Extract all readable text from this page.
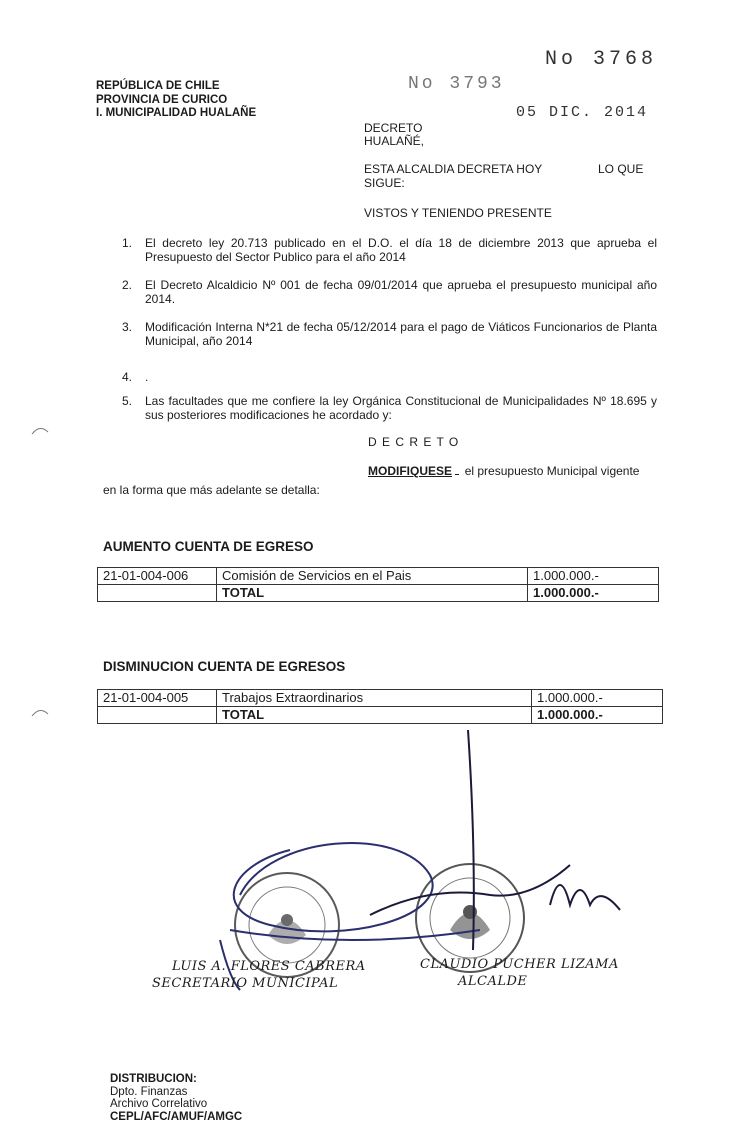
REPÚBLICA DE CHILE
PROVINCIA DE CURICO
I. MUNICIPALIDAD HUALAÑE
No 3768
No 3793
05 DIC. 2014
DECRETO
HUALAÑÉ,
ESTA ALCALDIA DECRETA HOY	LO QUE
SIGUE:
VISTOS Y TENIENDO PRESENTE
1.	El decreto ley 20.713 publicado en el D.O. el día 18 de diciembre 2013 que aprueba el Presupuesto del Sector Publico para el año 2014
2.	El Decreto Alcaldicio Nº 001 de fecha 09/01/2014 que aprueba el presupuesto municipal año 2014.
3.	Modificación Interna N*21 de fecha 05/12/2014 para el pago de Viáticos Funcionarios de Planta Municipal, año 2014
4.	.
5.	Las facultades que me confiere la ley Orgánica Constitucional de Municipalidades Nº 18.695 y sus posteriores modificaciones he acordado y:
D E C R E T O
MODIFIQUESE el presupuesto Municipal vigente
en la forma que más adelante se detalla:
AUMENTO CUENTA DE EGRESO
21-01-004-006	Comisión de Servicios en el Pais	1.000.000.-
	TOTAL	1.000.000.-
DISMINUCION CUENTA DE EGRESOS
21-01-004-005	Trabajos Extraordinarios	1.000.000.-
	TOTAL	1.000.000.-
LUIS A. FLORES CABRERA
SECRETARIO MUNICIPAL
CLAUDIO PUCHER LIZAMA
ALCALDE
DISTRIBUCION:
Dpto. Finanzas
Archivo Correlativo
CEPL/AFC/AMUF/AMGC
